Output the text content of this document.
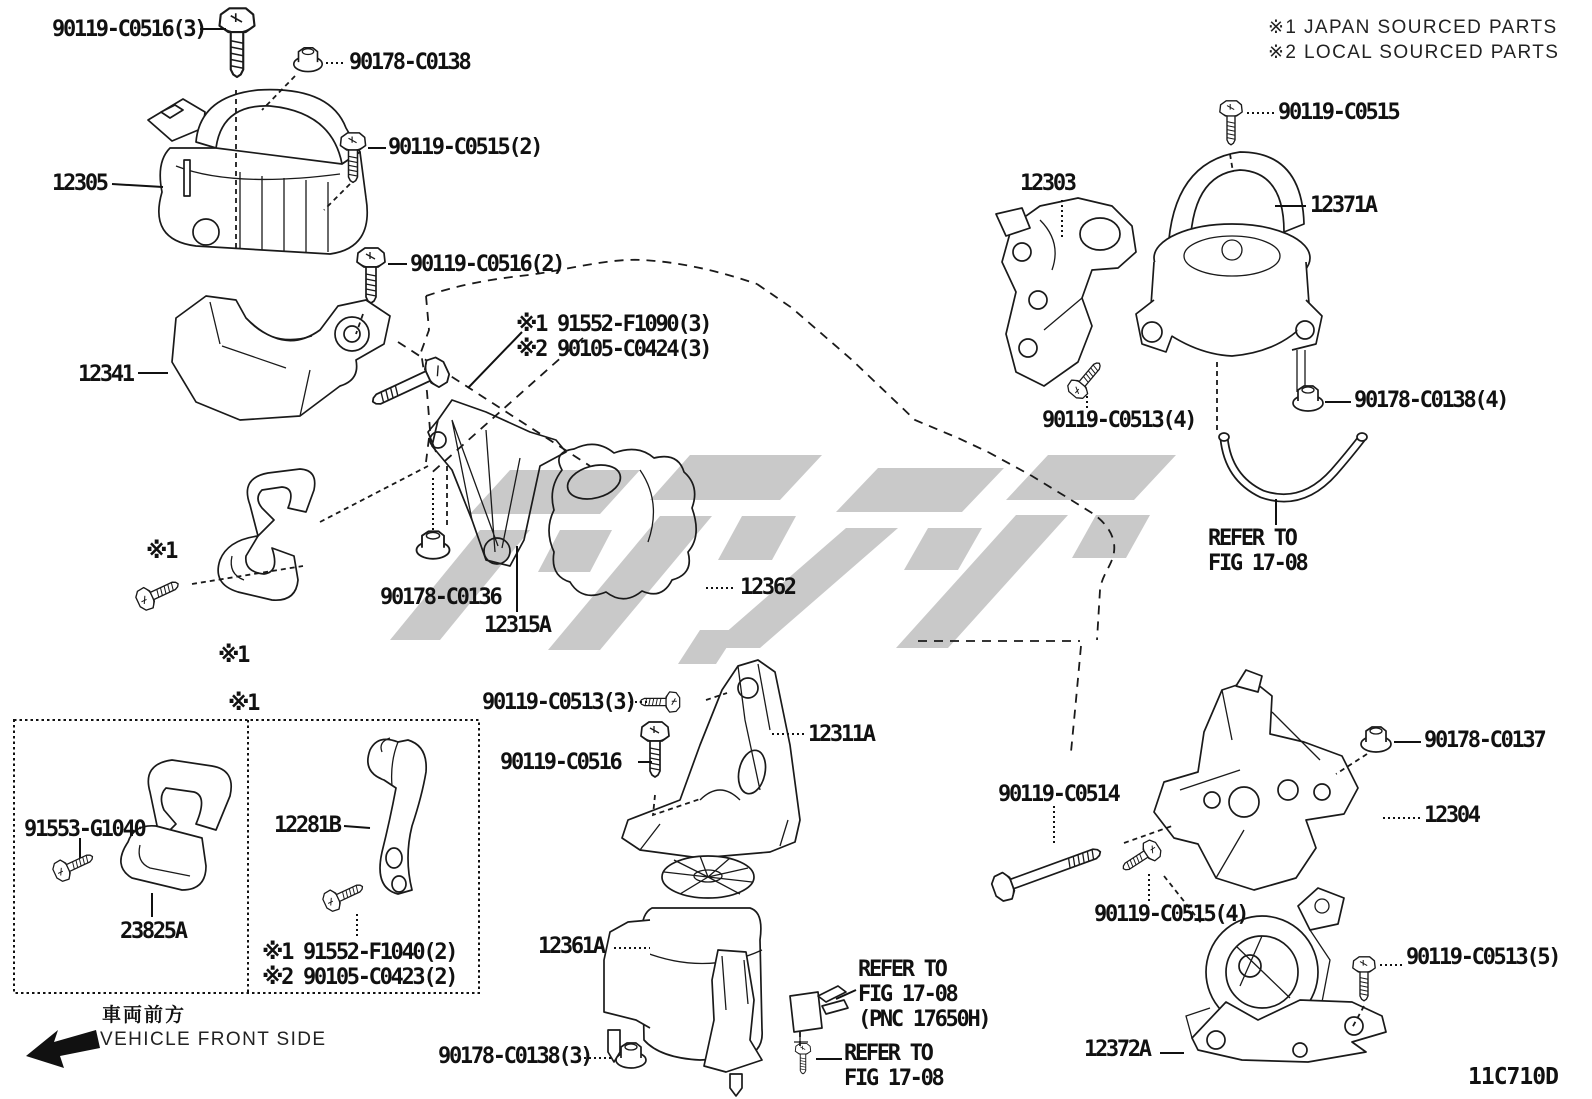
※1 JAPAN SOURCED PARTS
※2 LOCAL SOURCED PARTS
90119-C0516(3)
90178-C0138
12305
90119-C0515(2)
90119-C0516(2)
12341
※1 91552-F1090(3)
※2 90105-C0424(3)
※1
※1
90178-C0136
12315A
12362
90119-C0515
12303
12371A
90119-C0513(4)
90178-C0138(4)
REFER TO
FIG 17-08
90119-C0513(3)
90119-C0516
12311A
※1
91553-G1040
23825A
12281B
※1 91552-F1040(2)
※2 90105-C0423(2)
12361A
90178-C0138(3)
REFER TO
FIG 17-08
(PNC 17650H)
REFER TO
FIG 17-08
90119-C0514
90178-C0137
12304
90119-C0515(4)
90119-C0513(5)
12372A
車両前方
VEHICLE FRONT SIDE
11C710D
